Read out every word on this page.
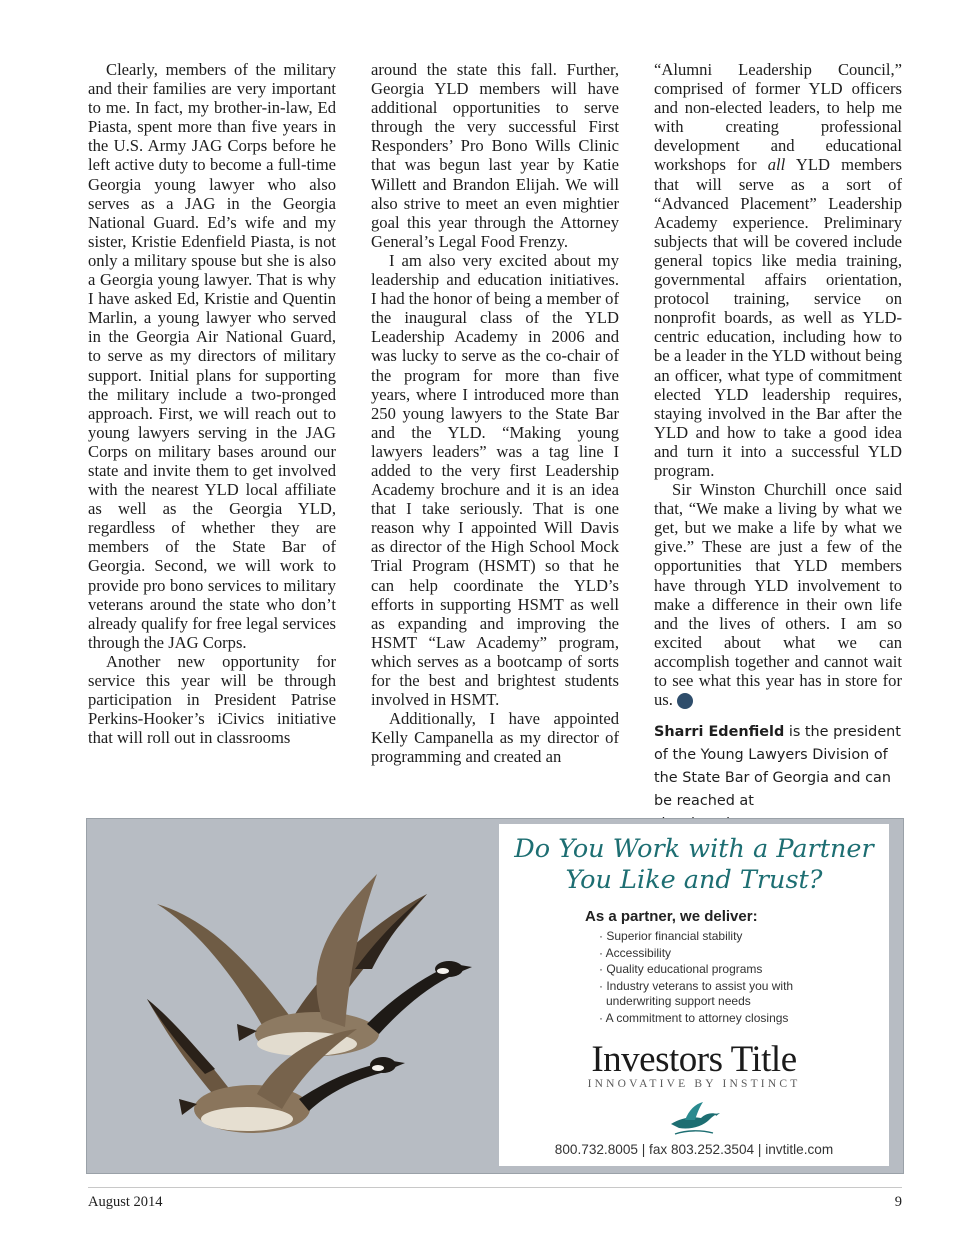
Clearly, members of the military and their families are very important to me. In fact, my brother-in-law, Ed Piasta, spent more than five years in the U.S. Army JAG Corps before he left active duty to become a full-time Georgia young lawyer who also serves as a JAG in the Georgia National Guard. Ed’s wife and my sister, Kristie Edenfield Piasta, is not only a military spouse but she is also a Georgia young lawyer. That is why I have asked Ed, Kristie and Quentin Marlin, a young lawyer who served in the Georgia Air National Guard, to serve as my directors of military support. Initial plans for supporting the military include a two-pronged approach. First, we will reach out to young lawyers serving in the JAG Corps on military bases around our state and invite them to get involved with the nearest YLD local affiliate as well as the Georgia YLD, regardless of whether they are members of the State Bar of Georgia. Second, we will work to provide pro bono services to military veterans around the state who don’t already qualify for free legal services through the JAG Corps.

Another new opportunity for service this year will be through participation in President Patrise Perkins-Hooker’s iCivics initiative that will roll out in classrooms

around the state this fall. Further, Georgia YLD members will have additional opportunities to serve through the very successful First Responders’ Pro Bono Wills Clinic that was begun last year by Katie Willett and Brandon Elijah. We will also strive to meet an even mightier goal this year through the Attorney General’s Legal Food Frenzy.

I am also very excited about my leadership and education initiatives. I had the honor of being a member of the inaugural class of the YLD Leadership Academy in 2006 and was lucky to serve as the co-chair of the program for more than five years, where I introduced more than 250 young lawyers to the State Bar and the YLD. “Making young lawyers leaders” was a tag line I added to the very first Leadership Academy brochure and it is an idea that I take seriously. That is one reason why I appointed Will Davis as director of the High School Mock Trial Program (HSMT) so that he can help coordinate the YLD’s efforts in supporting HSMT as well as expanding and improving the HSMT “Law Academy” program, which serves as a bootcamp of sorts for the best and brightest students involved in HSMT.

Additionally, I have appointed Kelly Campanella as my director of programming and created an

“Alumni Leadership Council,” comprised of former YLD officers and non-elected leaders, to help me with creating professional development and educational workshops for all YLD members that will serve as a sort of “Advanced Placement” Leadership Academy experience. Preliminary subjects that will be covered include general topics like media training, governmental affairs orientation, protocol training, service on nonprofit boards, as well as YLD-centric education, including how to be a leader in the YLD without being an officer, what type of commitment elected YLD leadership requires, staying involved in the Bar after the YLD and how to take a good idea and turn it into a successful YLD program.

Sir Winston Churchill once said that, “We make a living by what we get, but we make a life by what we give.” These are just a few of the opportunities that YLD members have through YLD involvement to make a difference in their own life and the lives of others. I am so excited about what we can accomplish together and cannot wait to see what this year has in store for us.	GBJ

Sharri Edenfield is the president of the Young Lawyers Division of the State Bar of Georgia and can be reached at
Do You Work with a Partner
You Like and Trust?
As a partner, we deliver:
· Superior financial stability
· Accessibility
· Quality educational programs
· Industry veterans to assist you with underwriting support needs
· A commitment to attorney closings
Investors Title
INNOVATIVE BY INSTINCT
800.732.8005 | fax 803.252.3504 | invtitle.com
August 2014	9
